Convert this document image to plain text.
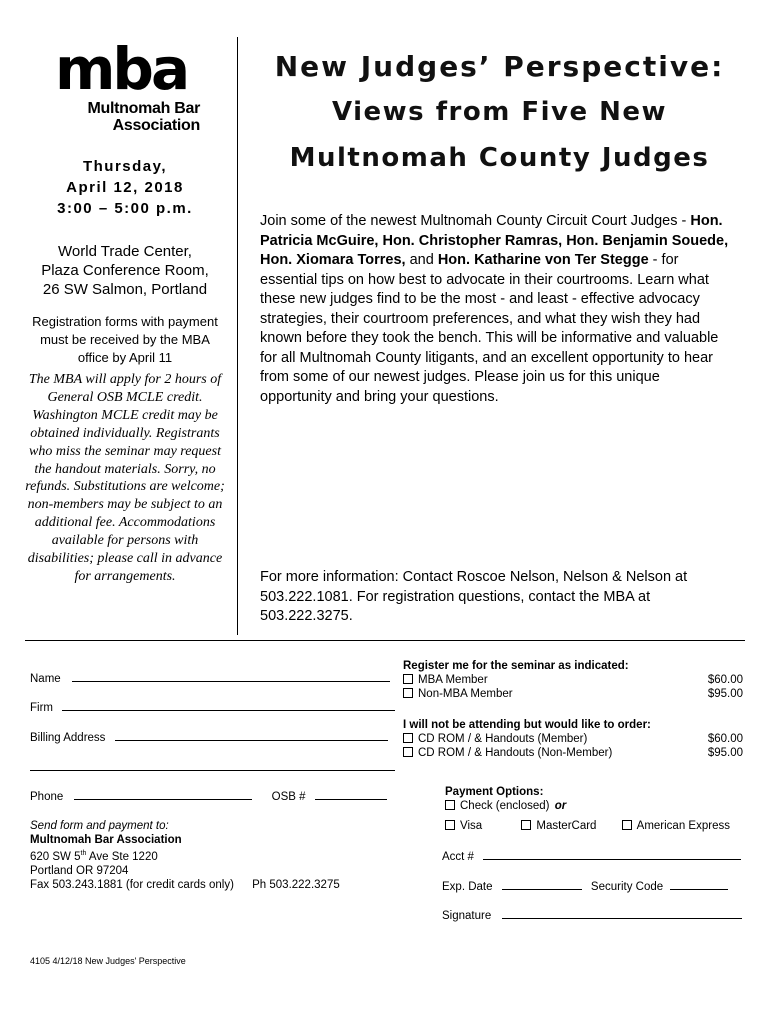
mba
Multnomah Bar
Association
Thursday,
April 12, 2018
3:00 – 5:00 p.m.
World Trade Center,
Plaza Conference Room,
26 SW Salmon, Portland
Registration forms with payment must be received by the MBA office by April 11
The MBA will apply for 2 hours of General OSB MCLE credit. Washington MCLE credit may be obtained individually. Registrants who miss the seminar may request the handout materials. Sorry, no refunds. Substitutions are welcome; non-members may be subject to an additional fee. Accommodations available for persons with disabilities; please call in advance for arrangements.
New Judges’ Perspective:
Views from Five New
Multnomah County Judges
Join some of the newest Multnomah County Circuit Court Judges - Hon. Patricia McGuire, Hon. Christopher Ramras, Hon. Benjamin Souede, Hon. Xiomara Torres, and Hon. Katharine von Ter Stegge - for essential tips on how best to advocate in their courtrooms. Learn what these new judges find to be the most - and least - effective advocacy strategies, their courtroom preferences, and what they wish they had known before they took the bench. This will be informative and valuable for all Multnomah County litigants, and an excellent opportunity to hear from some of our newest judges. Please join us for this unique opportunity and bring your questions.
For more information: Contact Roscoe Nelson, Nelson & Nelson at 503.222.1081. For registration questions, contact the MBA at 503.222.3275.
Name
Firm
Billing Address
Phone	OSB #
Send form and payment to:
Multnomah Bar Association
620 SW 5th Ave Ste 1220
Portland OR 97204
Fax 503.243.1881 (for credit cards only) Ph 503.222.3275
Register me for the seminar as indicated:
MBA Member	$60.00
Non-MBA Member	$95.00
I will not be attending but would like to order:
CD ROM / & Handouts (Member)	$60.00
CD ROM / & Handouts (Non-Member)	$95.00
Payment Options:
Check (enclosed) or
Visa	MasterCard	American Express
Acct #
Exp. Date	Security Code
Signature
4105 4/12/18 New Judges' Perspective
